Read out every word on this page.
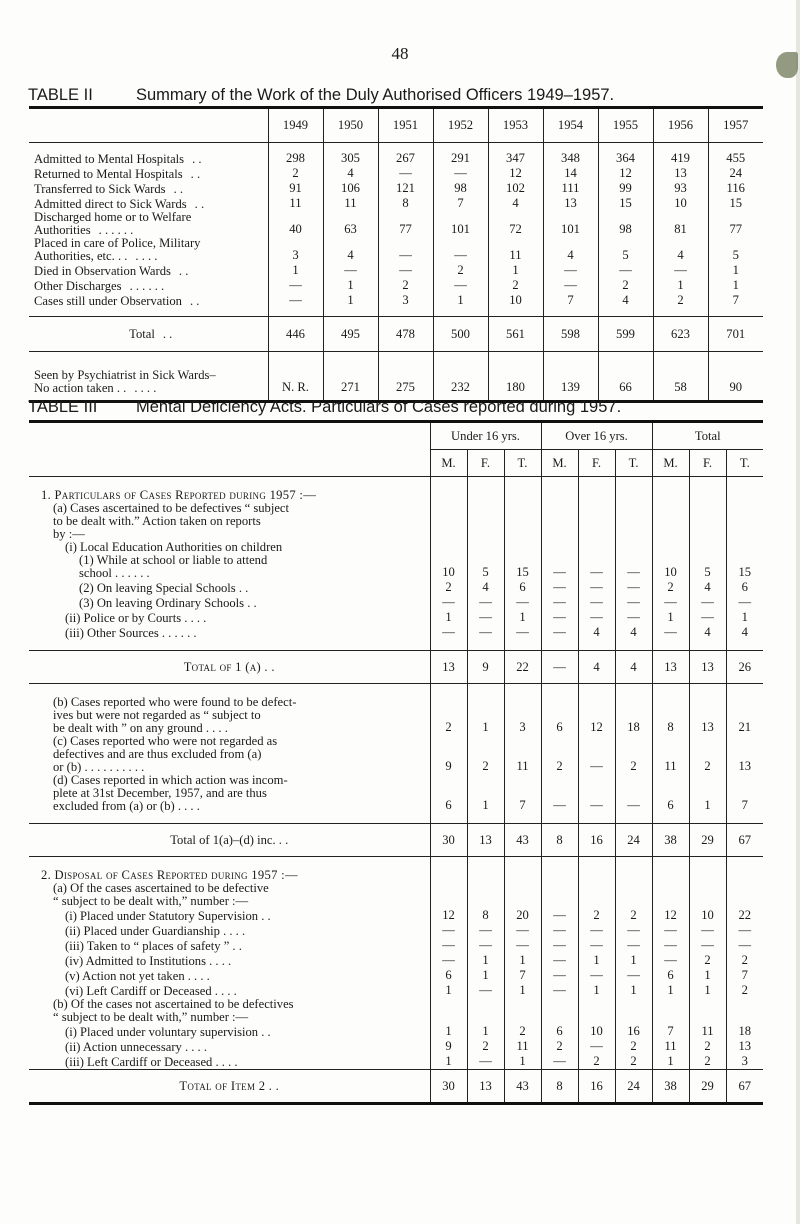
48
TABLE II	Summary of the Work of the Duly Authorised Officers 1949–1957.
	1949	1950	1951	1952	1953	1954	1955	1956	1957

Admitted to Mental Hospitals . .	298	305	267	291	347	348	364	419	455
Returned to Mental Hospitals . .	2	4	—	—	12	14	12	13	24
Transferred to Sick Wards . .	91	106	121	98	102	111	99	93	116
Admitted direct to Sick Wards . .	11	11	8	7	4	13	15	10	15
Discharged home or to Welfare
Authorities . . . . . .	40	63	77	101	72	101	98	81	77
Placed in care of Police, Military
Authorities, etc. . . . . . .	3	4	—	—	11	4	5	4	5
Died in Observation Wards . .	1	—	—	2	1	—	—	—	1
Other Discharges . . . . . .	—	1	2	—	2	—	2	1	1
Cases still under Observation . .	—	1	3	1	10	7	4	2	7

Total . .	446	495	478	500	561	598	599	623	701
Seen by Psychiatrist in Sick Wards–
No action taken . . . . . .	N. R.	271	275	232	180	139	66	58	90
TABLE III Mental Deficiency Acts. Particulars of Cases reported during 1957.
	Under 16 yrs.			Over 16 yrs.			Total		
	M.	F.	T.	M.	F.	T.	M.	F.	T.
1. Particulars of Cases Reported during 1957 :—									
(a) Cases ascertained to be defectives “ subject
to be dealt with.” Action taken on reports
by :—									
(i) Local Education Authorities on children									
(1) While at school or liable to attend
school . . . . . .	10	5	15	—	—	—	10	5	15
(2) On leaving Special Schools . .	2	4	6	—	—	—	2	4	6
(3) On leaving Ordinary Schools . .	—	—	—	—	—	—	—	—	—
(ii) Police or by Courts . . . .	1	—	1	—	—	—	1	—	1
(iii) Other Sources . . . . . .	—	—	—	—	4	4	—	4	4
Total of 1 (a) . .	13	9	22	—	4	4	13	13	26
(b) Cases reported who were found to be defect-
ives but were not regarded as “ subject to
be dealt with ” on any ground . . . .	2	1	3	6	12	18	8	13	21
(c) Cases reported who were not regarded as
defectives and are thus excluded from (a)
or (b) . . . . . . . . . .	9	2	11	2	—	2	11	2	13
(d) Cases reported in which action was incom-
plete at 31st December, 1957, and are thus
excluded from (a) or (b) . . . .	6	1	7	—	—	—	6	1	7
Total of 1(a)–(d) inc. . .	30	13	43	8	16	24	38	29	67
2. Disposal of Cases Reported during 1957 :—									
(a) Of the cases ascertained to be defective
“ subject to be dealt with,” number :—									
(i) Placed under Statutory Supervision . .	12	8	20	—	2	2	12	10	22
(ii) Placed under Guardianship . . . .	—	—	—	—	—	—	—	—	—
(iii) Taken to “ places of safety ” . .	—	—	—	—	—	—	—	—	—
(iv) Admitted to Institutions . . . .	—	1	1	—	1	1	—	2	2
(v) Action not yet taken . . . .	6	1	7	—	—	—	6	1	7
(vi) Left Cardiff or Deceased . . . .	1	—	1	—	1	1	1	1	2
(b) Of the cases not ascertained to be defectives
“ subject to be dealt with,” number :—									
(i) Placed under voluntary supervision . .	1	1	2	6	10	16	7	11	18
(ii) Action unnecessary . . . .	9	2	11	2	—	2	11	2	13
(iii) Left Cardiff or Deceased . . . .	1	—	1	—	2	2	1	2	3
Total of Item 2 . .	30	13	43	8	16	24	38	29	67
